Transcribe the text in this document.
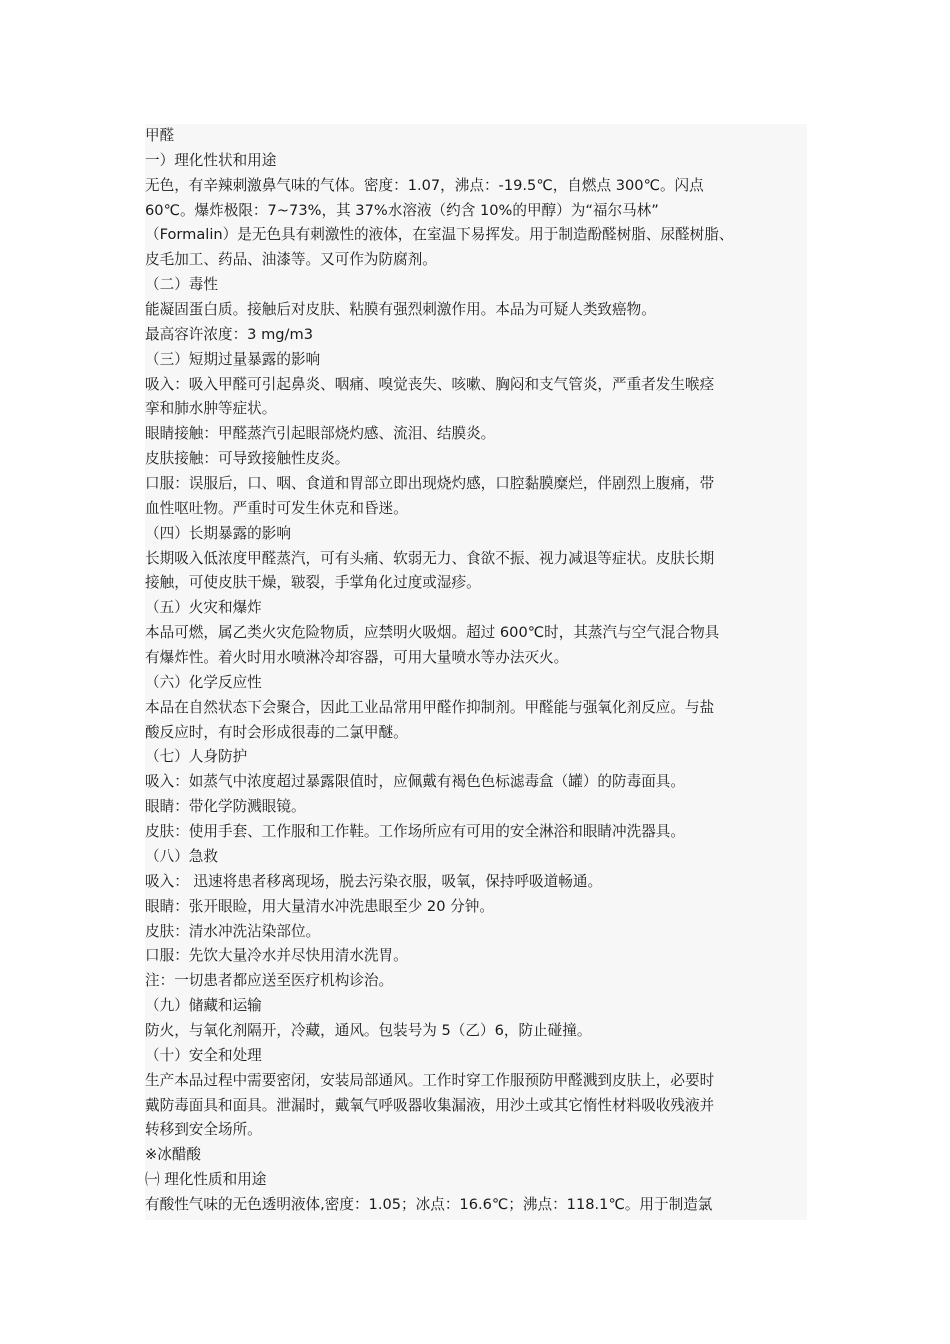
甲醛

一）理化性状和用途

无色，有辛辣刺激鼻气味的气体。密度：1.07，沸点：-19.5℃，自燃点 300℃。闪点

60℃。爆炸极限：7~73%，其 37%水溶液（约含 10%的甲醇）为“福尔马林”

（Formalin）是无色具有刺激性的液体，在室温下易挥发。用于制造酚醛树脂、尿醛树脂、

皮毛加工、药品、油漆等。又可作为防腐剂。

（二）毒性

能凝固蛋白质。接触后对皮肤、粘膜有强烈刺激作用。本品为可疑人类致癌物。

最高容许浓度：3 mg/m3

（三）短期过量暴露的影响

吸入：吸入甲醛可引起鼻炎、咽痛、嗅觉丧失、咳嗽、胸闷和支气管炎，严重者发生喉痉

挛和肺水肿等症状。

眼睛接触：甲醛蒸汽引起眼部烧灼感、流泪、结膜炎。

皮肤接触：可导致接触性皮炎。

口服：误服后，口、咽、食道和胃部立即出现烧灼感，口腔黏膜糜烂，伴剧烈上腹痛，带

血性呕吐物。严重时可发生休克和昏迷。

（四）长期暴露的影响

长期吸入低浓度甲醛蒸汽，可有头痛、软弱无力、食欲不振、视力减退等症状。皮肤长期

接触，可使皮肤干燥，皲裂，手掌角化过度或湿疹。

（五）火灾和爆炸

本品可燃，属乙类火灾危险物质，应禁明火吸烟。超过 600℃时，其蒸汽与空气混合物具

有爆炸性。着火时用水喷淋冷却容器，可用大量喷水等办法灭火。

（六）化学反应性

本品在自然状态下会聚合，因此工业品常用甲醛作抑制剂。甲醛能与强氧化剂反应。与盐

酸反应时，有时会形成很毒的二氯甲醚。

（七）人身防护

吸入：如蒸气中浓度超过暴露限值时，应佩戴有褐色色标滤毒盒（罐）的防毒面具。

眼睛：带化学防溅眼镜。

皮肤：使用手套、工作服和工作鞋。工作场所应有可用的安全淋浴和眼睛冲洗器具。

（八）急救

吸入： 迅速将患者移离现场，脱去污染衣服，吸氧，保持呼吸道畅通。

眼睛：张开眼睑，用大量清水冲洗患眼至少 20 分钟。

皮肤：清水冲洗沾染部位。

口服：先饮大量冷水并尽快用清水洗胃。

注：一切患者都应送至医疗机构诊治。

（九）储藏和运输

防火，与氧化剂隔开，冷藏，通风。包装号为 5（乙）6，防止碰撞。

（十）安全和处理

生产本品过程中需要密闭，安装局部通风。工作时穿工作服预防甲醛溅到皮肤上，必要时

戴防毒面具和面具。泄漏时，戴氧气呼吸器收集漏液，用沙土或其它惰性材料吸收残液并

转移到安全场所。

※冰醋酸

㈠ 理化性质和用途

有酸性气味的无色透明液体,密度：1.05；冰点：16.6℃；沸点：118.1℃。用于制造氯
